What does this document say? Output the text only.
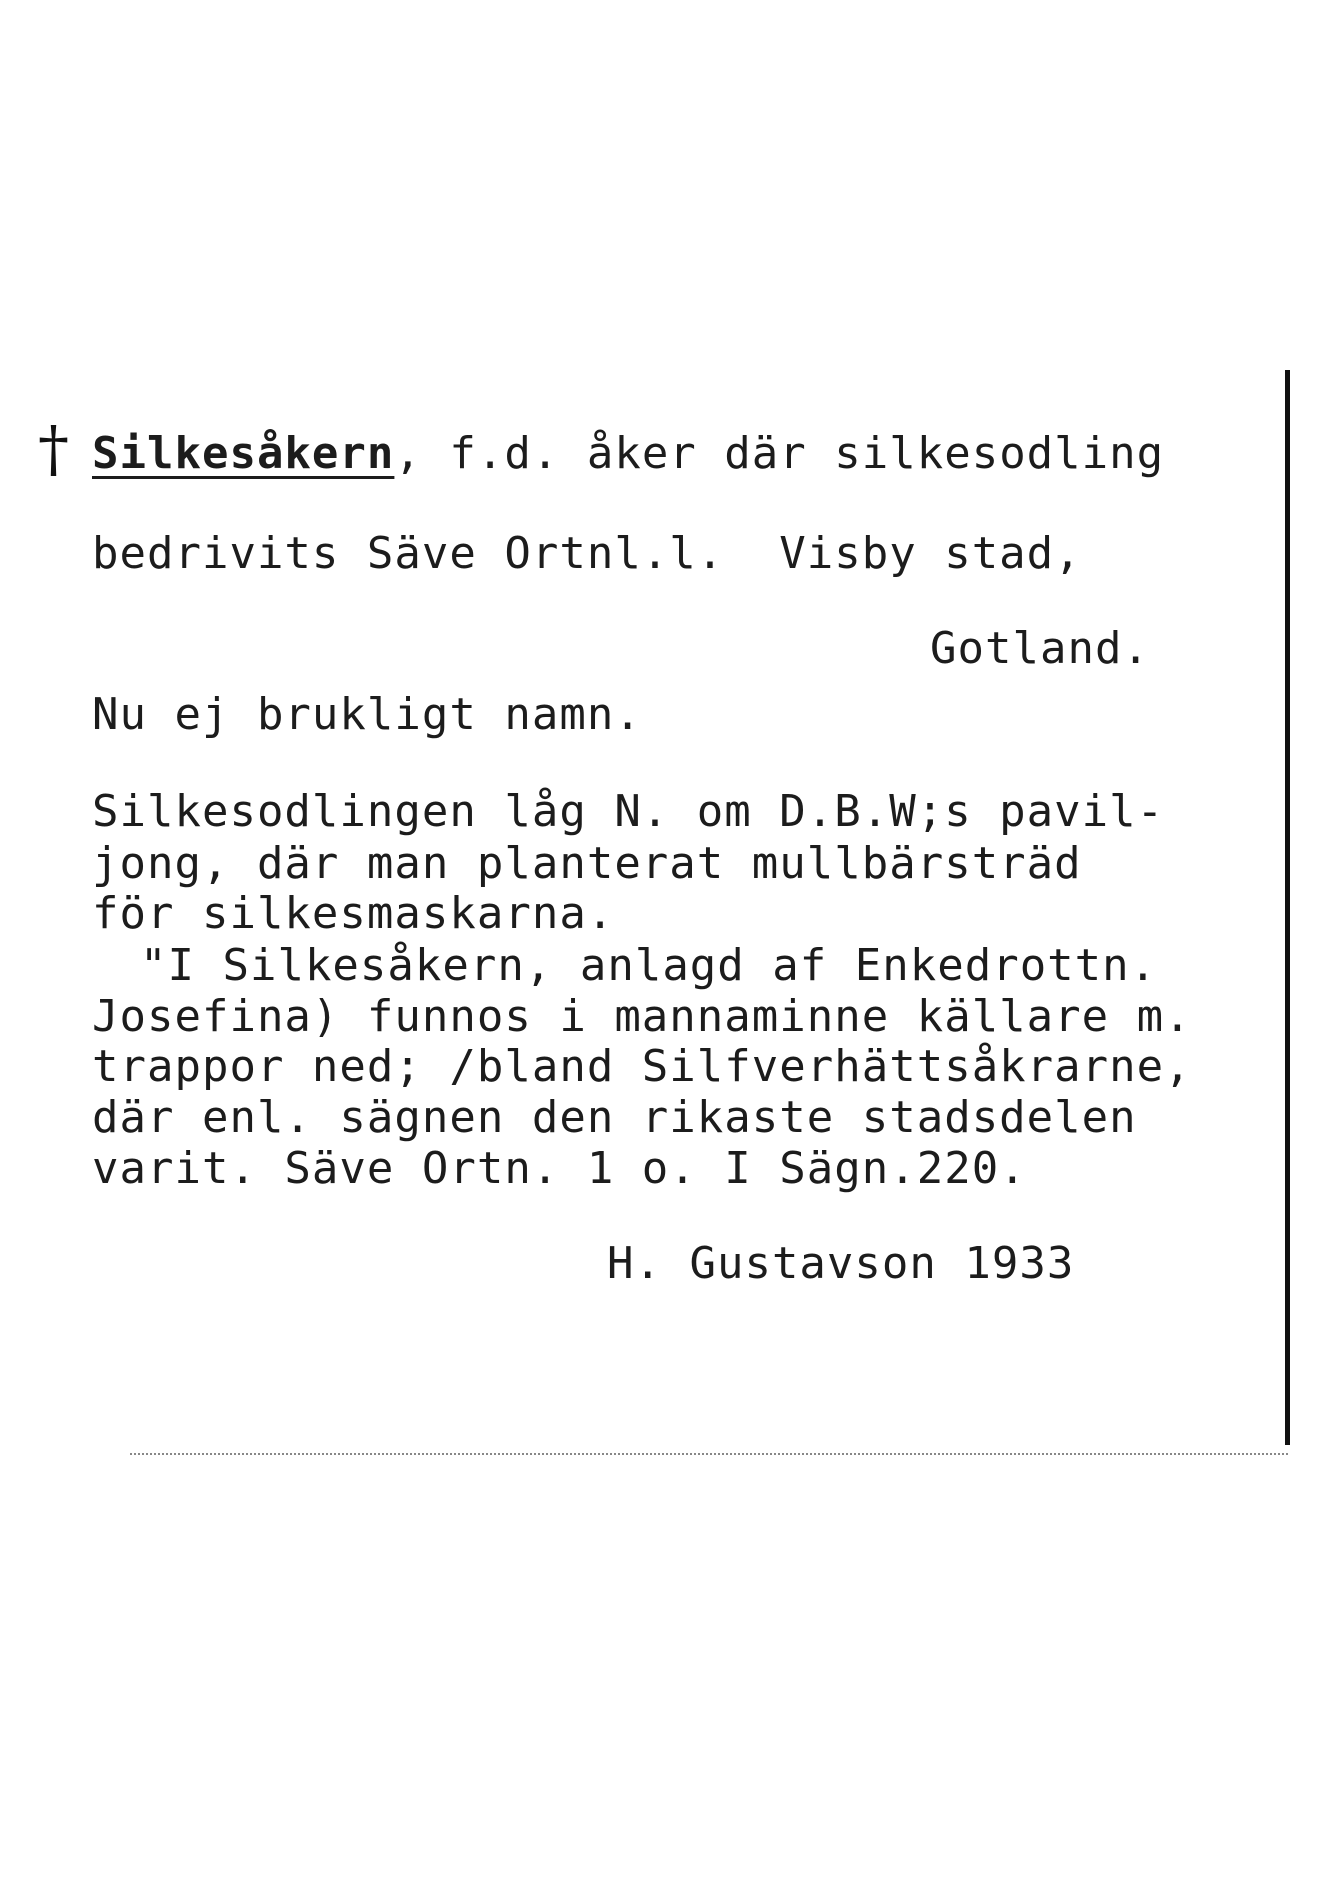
† Silkesåkern, f.d. åker där silkesodling
bedrivits Säve Ortnl.l.  Visby stad,
Gotland.
Nu ej brukligt namn.
Silkesodlingen låg N. om D.B.W;s pavil-
jong, där man planterat mullbärsträd
för silkesmaskarna.
"I Silkesåkern, anlagd af Enkedrottn.
Josefina) funnos i mannaminne källare m.
trappor ned; /bland Silfverhättsåkrarne,
där enl. sägnen den rikaste stadsdelen
varit. Säve Ortn. 1 o. I Sägn.220.
H. Gustavson 1933
